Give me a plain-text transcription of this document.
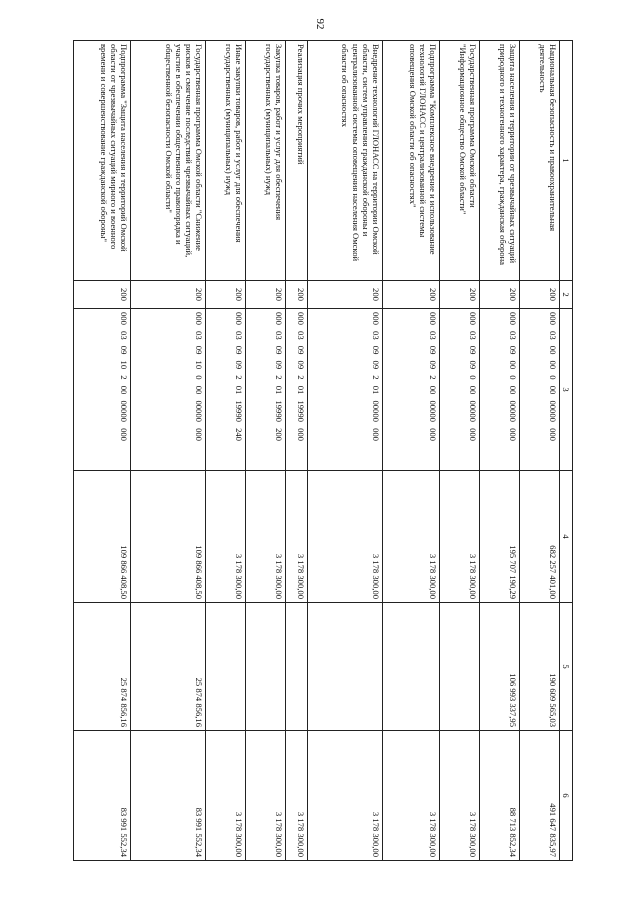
92
1	2	3	4	5	6
Национальная безопасность и правоохранительная деятельность	200	000 03 00 00 0 00 00000 000	682 257 401,00	190 609 565,03	491 647 835,97
Защита населения и территории от чрезвычайных ситуаций природного и техногенного характера, гражданская оборона	200	000 03 09 00 0 00 00000 000	195 707 190,29	106 993 337,95	88 713 852,34
Государственная программа Омской области "Информационное общество Омской области"	200	000 03 09 09 0 00 00000 000	3 178 300,00		3 178 300,00
Подпрограмма "Комплексное внедрение и использование технологий ГЛОНАСС и централизованной системы оповещения Омской области об опасностях"	200	000 03 09 09 2 00 00000 000	3 178 300,00		3 178 300,00
Внедрение технологий ГЛОНАСС на территории Омской области, систем управления гражданской обороны и централизованной системы оповещения населения Омской области об опасностях	200	000 03 09 09 2 01 00000 000	3 178 300,00		3 178 300,00
Реализация прочих мероприятий	200	000 03 09 09 2 01 19990 000	3 178 300,00		3 178 300,00
Закупка товаров, работ и услуг для обеспечения государственных (муниципальных) нужд	200	000 03 09 09 2 01 19990 200	3 178 300,00		3 178 300,00
Иные закупки товаров, работ и услуг для обеспечения государственных (муниципальных) нужд	200	000 03 09 09 2 01 19990 240	3 178 300,00		3 178 300,00
Государственная программа Омской области "Снижение рисков и смягчение последствий чрезвычайных ситуаций, участие в обеспечении общественного правопорядка и общественной безопасности Омской области"	200	000 03 09 10 0 00 00000 000	109 866 408,50	25 874 856,16	83 991 552,34
Подпрограмма "Защита населения и территорий Омской области от чрезвычайных ситуаций мирного и военного времени и совершенствование гражданской обороны"	200	000 03 09 10 2 00 00000 000	109 866 408,50	25 874 856,16	83 991 552,34
